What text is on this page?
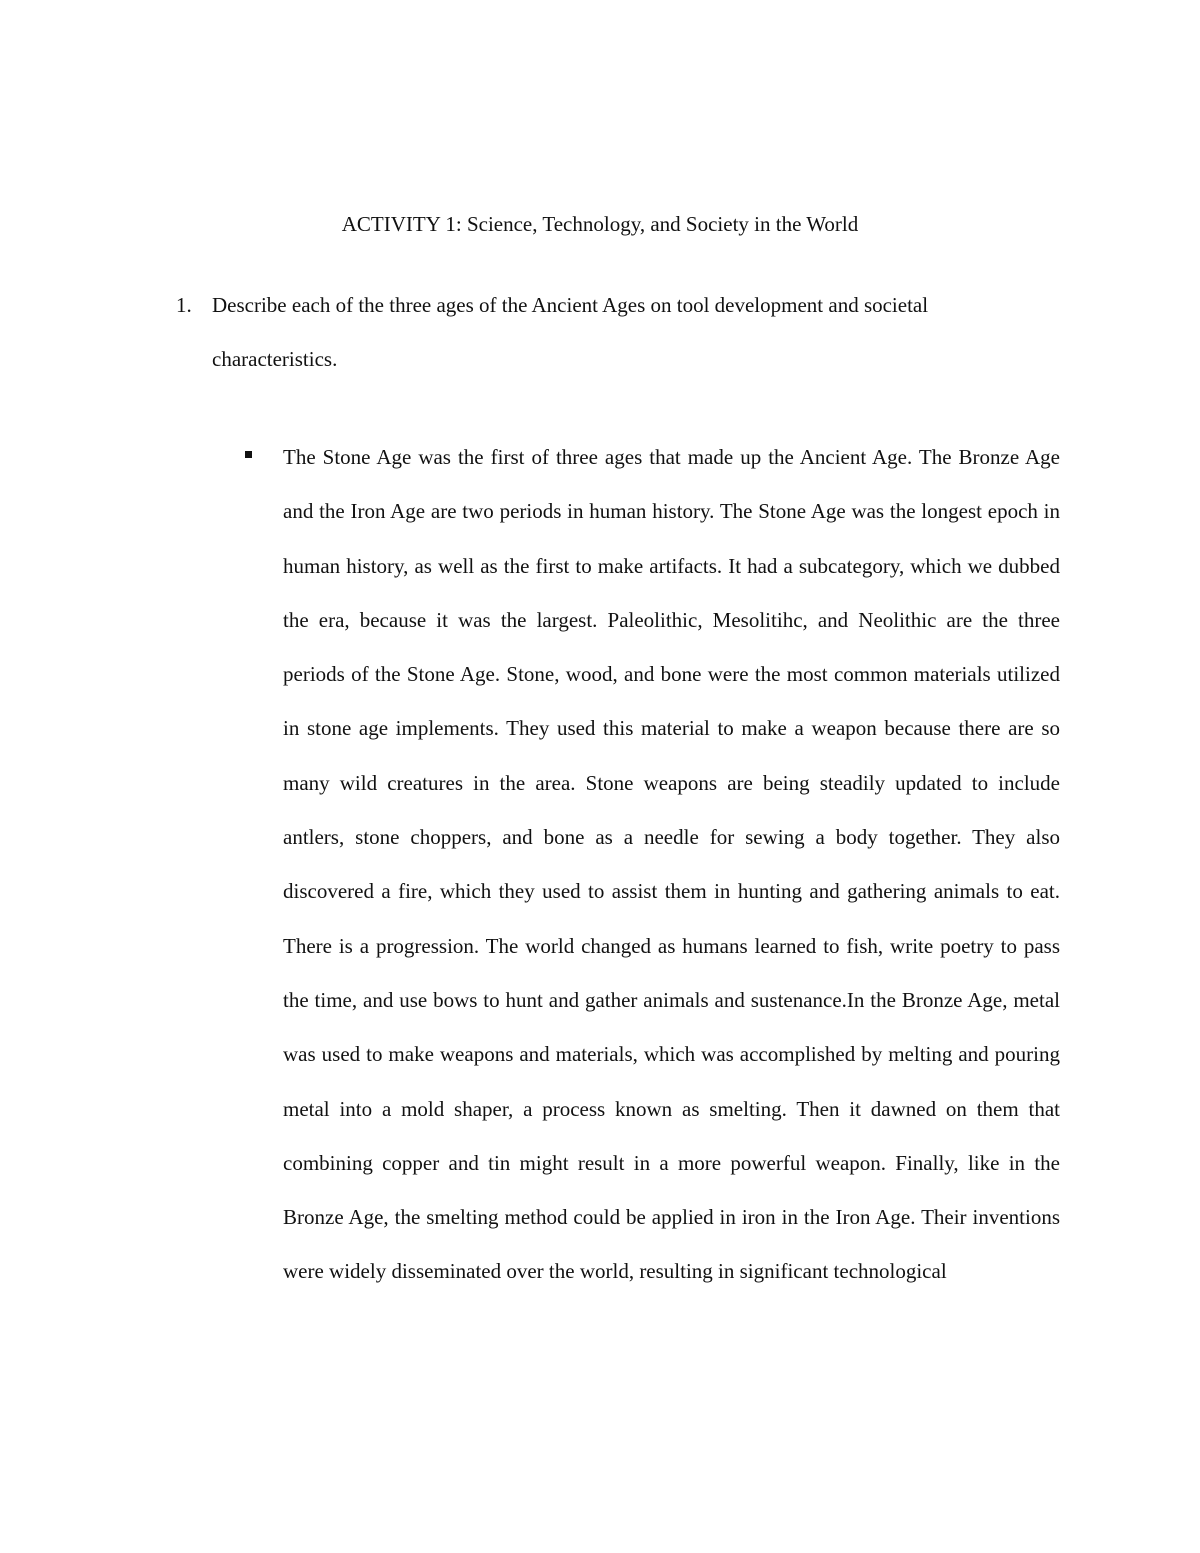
ACTIVITY 1: Science, Technology, and Society in the World
1. Describe each of the three ages of the Ancient Ages on tool development and societal characteristics.
The Stone Age was the first of three ages that made up the Ancient Age. The Bronze Age and the Iron Age are two periods in human history. The Stone Age was the longest epoch in human history, as well as the first to make artifacts. It had a subcategory, which we dubbed the era, because it was the largest. Paleolithic, Mesolitihc, and Neolithic are the three periods of the Stone Age. Stone, wood, and bone were the most common materials utilized in stone age implements. They used this material to make a weapon because there are so many wild creatures in the area. Stone weapons are being steadily updated to include antlers, stone choppers, and bone as a needle for sewing a body together. They also discovered a fire, which they used to assist them in hunting and gathering animals to eat. There is a progression. The world changed as humans learned to fish, write poetry to pass the time, and use bows to hunt and gather animals and sustenance.In the Bronze Age, metal was used to make weapons and materials, which was accomplished by melting and pouring metal into a mold shaper, a process known as smelting. Then it dawned on them that combining copper and tin might result in a more powerful weapon. Finally, like in the Bronze Age, the smelting method could be applied in iron in the Iron Age. Their inventions were widely disseminated over the world, resulting in significant technological
